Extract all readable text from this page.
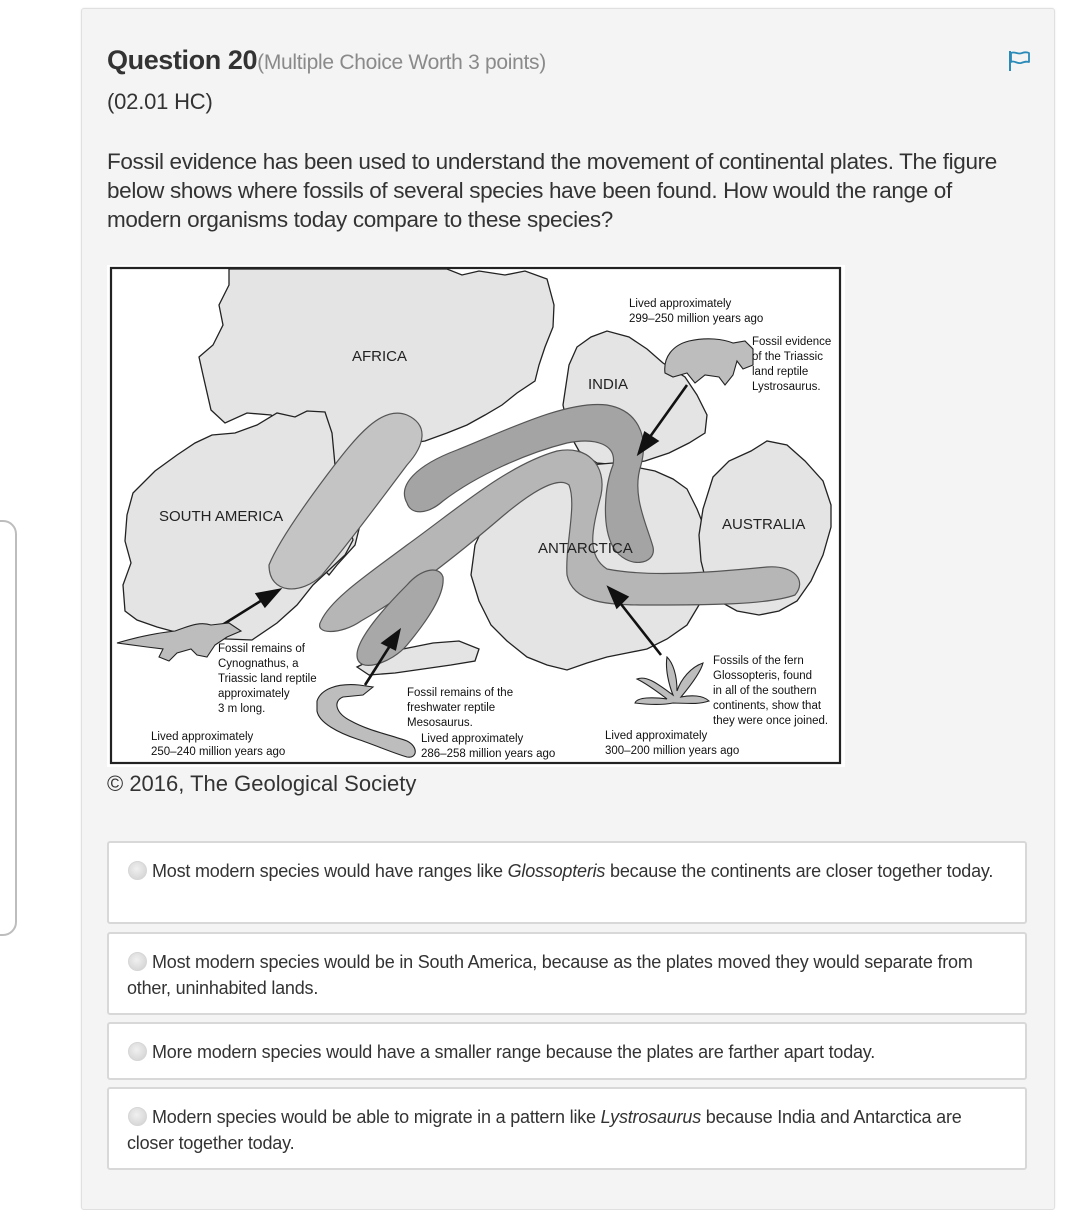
Question 20(Multiple Choice Worth 3 points)
(02.01 HC)
Fossil evidence has been used to understand the movement of continental plates. The figure below shows where fossils of several species have been found. How would the range of modern organisms today compare to these species?
AFRICA
SOUTH AMERICA
INDIA
ANTARCTICA
AUSTRALIA
Lived approximately
299–250 million years ago
Fossil evidence
of the Triassic
land reptile
Lystrosaurus.
Fossil remains of
Cynognathus, a
Triassic land reptile
approximately
3 m long.
Lived approximately
250–240 million years ago
Fossil remains of the
freshwater reptile
Mesosaurus.
Lived approximately
286–258 million years ago
Fossils of the fern
Glossopteris, found
in all of the southern
continents, show that
they were once joined.
Lived approximately
300–200 million years ago
© 2016, The Geological Society
Most modern species would have ranges like Glossopteris because the continents are closer together today.
Most modern species would be in South America, because as the plates moved they would separate from other, uninhabited lands.
More modern species would have a smaller range because the plates are farther apart today.
Modern species would be able to migrate in a pattern like Lystrosaurus because India and Antarctica are closer together today.
